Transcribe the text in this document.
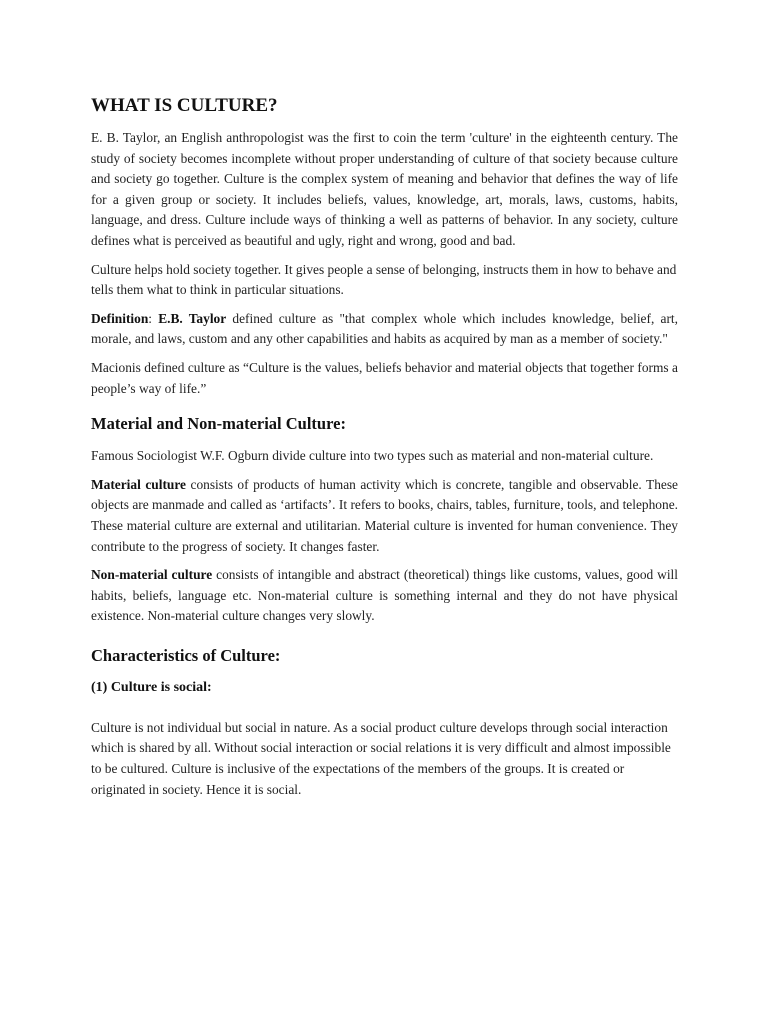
WHAT IS CULTURE?

E. B. Taylor, an English anthropologist was the first to coin the term 'culture' in the eighteenth century. The study of society becomes incomplete without proper understanding of culture of that society because culture and society go together. Culture is the complex system of meaning and behavior that defines the way of life for a given group or society. It includes beliefs, values, knowledge, art, morals, laws, customs, habits, language, and dress. Culture include ways of thinking a well as patterns of behavior. In any society, culture defines what is perceived as beautiful and ugly, right and wrong, good and bad.

Culture helps hold society together. It gives people a sense of belonging, instructs them in how to behave and tells them what to think in particular situations.

Definition: E.B. Taylor defined culture as "that complex whole which includes knowledge, belief, art, morale, and laws, custom and any other capabilities and habits as acquired by man as a member of society."

Macionis defined culture as “Culture is the values, beliefs behavior and material objects that together forms a people’s way of life.”

Material and Non-material Culture:

Famous Sociologist W.F. Ogburn divide culture into two types such as material and non-material culture.

Material culture consists of products of human activity which is concrete, tangible and observable. These objects are manmade and called as ‘artifacts’. It refers to books, chairs, tables, furniture, tools, and telephone. These material culture are external and utilitarian. Material culture is invented for human convenience. They contribute to the progress of society. It changes faster.

Non-material culture consists of intangible and abstract (theoretical) things like customs, values, good will habits, beliefs, language etc. Non-material culture is something internal and they do not have physical existence. Non-material culture changes very slowly.

Characteristics of Culture:
(1) Culture is social:

Culture is not individual but social in nature. As a social product culture develops through social interaction which is shared by all. Without social interaction or social relations it is very difficult and almost impossible to be cultured. Culture is inclusive of the expectations of the members of the groups. It is created or originated in society. Hence it is social.
